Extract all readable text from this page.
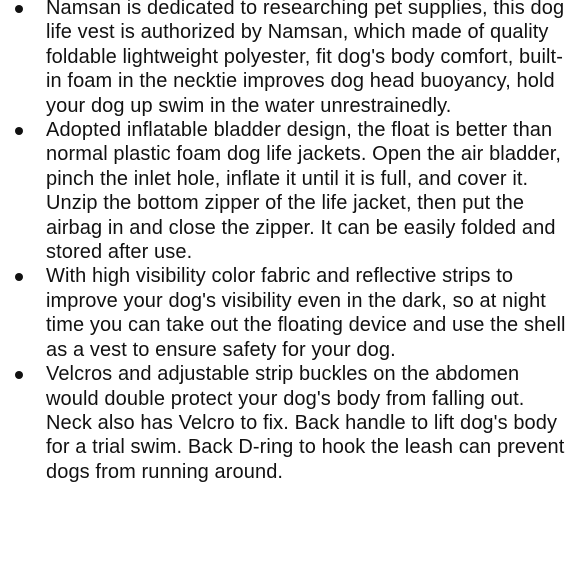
Namsan is dedicated to researching pet supplies, this dog life vest is authorized by Namsan, which made of quality foldable lightweight polyester, fit dog's body comfort, built-in foam in the necktie improves dog head buoyancy, hold your dog up swim in the water unrestrainedly.
Adopted inflatable bladder design, the float is better than normal plastic foam dog life jackets. Open the air bladder, pinch the inlet hole, inflate it until it is full, and cover it. Unzip the bottom zipper of the life jacket, then put the airbag in and close the zipper. It can be easily folded and stored after use.
With high visibility color fabric and reflective strips to improve your dog's visibility even in the dark, so at night time you can take out the floating device and use the shell as a vest to ensure safety for your dog.
Velcros and adjustable strip buckles on the abdomen would double protect your dog's body from falling out. Neck also has Velcro to fix. Back handle to lift dog's body for a trial swim. Back D-ring to hook the leash can prevent dogs from running around.
